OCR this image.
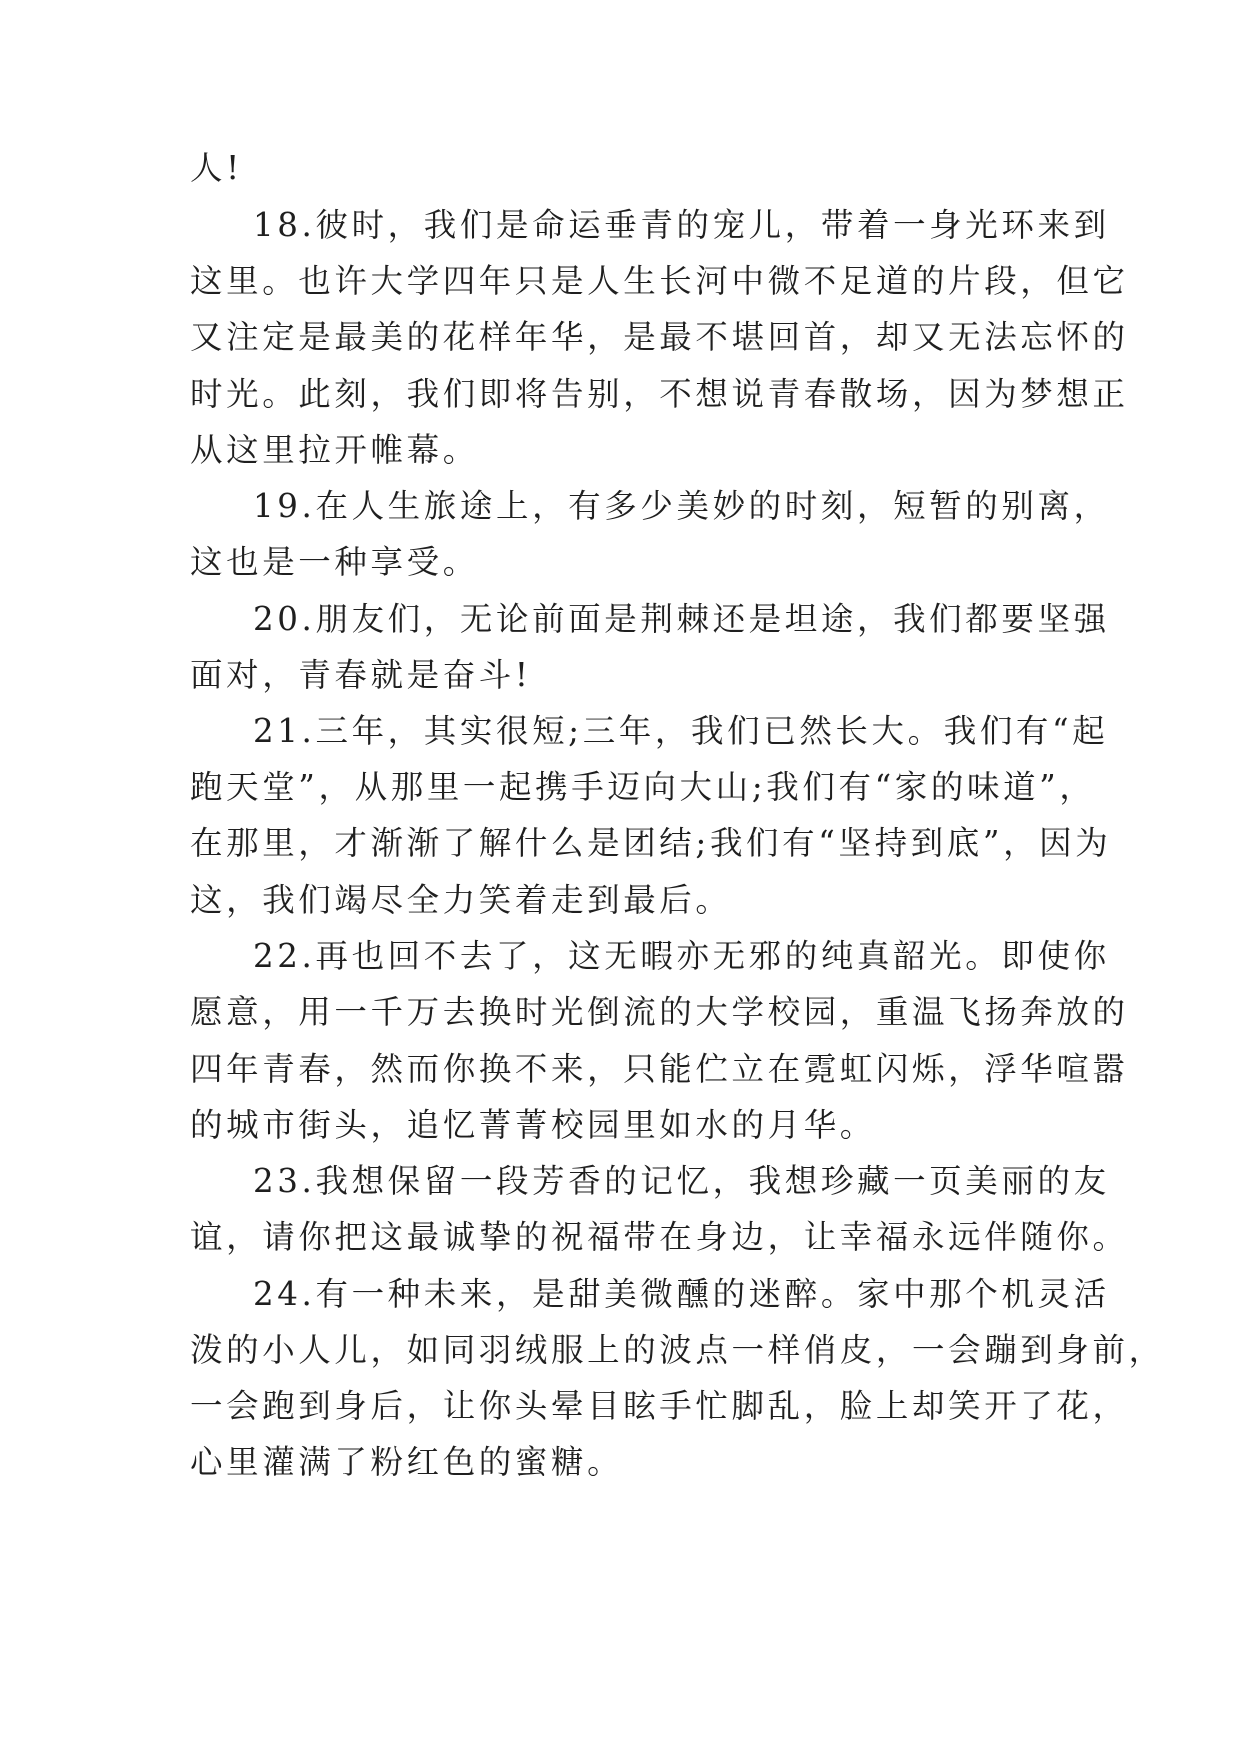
人!
18.彼时，我们是命运垂青的宠儿，带着一身光环来到
这里。也许大学四年只是人生长河中微不足道的片段，但它
又注定是最美的花样年华，是最不堪回首，却又无法忘怀的
时光。此刻，我们即将告别，不想说青春散场，因为梦想正
从这里拉开帷幕。
19.在人生旅途上，有多少美妙的时刻，短暂的别离，
这也是一种享受。
20.朋友们，无论前面是荆棘还是坦途，我们都要坚强
面对，青春就是奋斗!
21.三年，其实很短;三年，我们已然长大。我们有“起
跑天堂”，从那里一起携手迈向大山;我们有“家的味道”，
在那里，才渐渐了解什么是团结;我们有“坚持到底”，因为
这，我们竭尽全力笑着走到最后。
22.再也回不去了，这无暇亦无邪的纯真韶光。即使你
愿意，用一千万去换时光倒流的大学校园，重温飞扬奔放的
四年青春，然而你换不来，只能伫立在霓虹闪烁，浮华喧嚣
的城市街头，追忆菁菁校园里如水的月华。
23.我想保留一段芳香的记忆，我想珍藏一页美丽的友
谊，请你把这最诚挚的祝福带在身边，让幸福永远伴随你。
24.有一种未来，是甜美微醺的迷醉。家中那个机灵活
泼的小人儿，如同羽绒服上的波点一样俏皮，一会蹦到身前，
一会跑到身后，让你头晕目眩手忙脚乱，脸上却笑开了花，
心里灌满了粉红色的蜜糖。
